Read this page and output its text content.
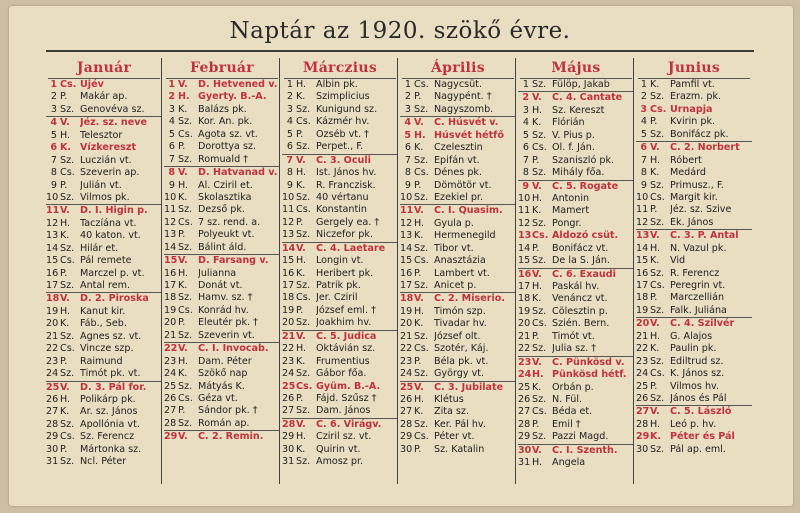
Naptár az 1920. szökő évre.
Január
1 Cs. Újév
2 P.	Makár ap.
3 Sz. Genovéva sz.
4 V.	Jéz. sz. neve
5 H.	Telesztor
6 K. Vízkereszt
7 Sz. Luczián vt.
8 Cs. Szeverin ap.
9 P.	Julián vt.
10 Sz. Vilmos pk.
11 V.	D. I. Higin p.
12 H.	Taczíána vt.
13 K.	40 katon. vt.
14 Sz. Hilár et.
15 Cs. Pál remete
16 P.	Marczel p. vt.
17 Sz. Antal rem.
18 V.	D. 2. Piroska
19 H.	Kanut kir.
20 K.	Fáb., Seb.
21 Sz. Ágnes sz. vt.
22 Cs. Vincze szp.
23 P.	Raimund
24 Sz. Timót pk. vt.
25 V.	D. 3. Pál for.
26 H.	Polikárp pk.
27 K.	Ar. sz. János
28 Sz. Apollónia vt.
29 Cs. Sz. Ferencz
30 P.	Mártonka sz.
31 Sz. Ncl. Péter
Február
1 V.	D. Hetvened v.
2 H. Gyerty. B.-A.
3 K.	Balázs pk.
4 Sz. Kor. An. pk.
5 Cs. Ágota sz. vt.
6 P.	Dorottya sz.
7 Sz. Romuald †
8 V.	D. Hatvanad v.
9 H.	Al. Cziril et.
10 K.	Skolasztika
11 Sz. Dezső pk.
12 Cs. 7 sz. rend. a.
13 P.	Polyeukt vt.
14 Sz. Bálint áld.
15 V.	D. Farsang v.
16 H.	Julianna
17 K.	Donát vt.
18 Sz. Hamv. sz. †
19 Cs. Konrád hv.
20 P.	Eleutér pk. †
21 Sz. Szeverin vt.
22 V.	C. I. Invocab.
23 H.	Dam. Péter
24 K.	Szökő nap
25 Sz. Mátyás K.
26 Cs. Géza vt.
27 P.	Sándor pk. †
28 Sz. Román ap.
29 V.	C. 2. Remin.
Márczius
1 H.	Albin pk.
2 K.	Szimplicius
3 Sz. Kunigund sz.
4 Cs. Kázmér hv.
5 P.	Özséb vt. †
6 Sz. Perpet., F.
7 V.	C. 3. Oculi
8 H.	Ist. János hv.
9 K.	R. Franczisk.
10 Sz. 40 vértanu
11 Cs. Konstantin
12 P.	Gergely ea. †
13 Sz. Niczefor pk.
14 V.	C. 4. Laetare
15 H.	Longin vt.
16 K.	Heribert pk.
17 Sz. Patrik pk.
18 Cs. Jer. Cziril
19 P.	József eml. †
20 Sz. Joakhim hv.
21 V.	C. 5. Judica
22 H.	Oktávián sz.
23 K.	Frumentius
24 Sz. Gábor főa.
25 Cs. Gyüm. B.-A.
26 P.	Fájd. Szűsz †
27 Sz. Dam. János
28 V.	C. 6. Virágv.
29 H.	Cziril sz. vt.
30 K.	Quirin vt.
31 Sz. Amosz pr.
Április
1 Cs. Nagycsüt.
2 P.	Nagypént. †
3 Sz. Nagyszomb.
4 V.	C. Húsvét v.
5 H. Húsvét hétfő
6 K.	Czelesztin
7 Sz. Epifán vt.
8 Cs. Dénes pk.
9 P.	Dömötör vt.
10 Sz. Ezekiel pr.
11 V.	C. I. Quasim.
12 H.	Gyula p.
13 K.	Hermenegild
14 Sz. Tibor vt.
15 Cs. Anasztázia
16 P.	Lambert vt.
17 Sz. Anicet p.
18 V.	C. 2. Miserio.
19 H.	Timón szp.
20 K.	Tivadar hv.
21 Sz. József olt.
22 Cs. Szotér, Káj.
23 P.	Béla pk. vt.
24 Sz. György vt.
25 V.	C. 3. Jubilate
26 H.	Klétus
27 K.	Zita sz.
28 Sz. Ker. Pál hv.
29 Cs. Péter vt.
30 P.	Sz. Katalin
Május
1 Sz. Fülöp, Jakab
2 V.	C. 4. Cantate
3 H.	Sz. Kereszt
4 K.	Flórián
5 Sz. V. Pius p.
6 Cs. Ol. f. Ján.
7 P.	Szaniszló pk.
8 Sz. Mihály főa.
9 V.	C. 5. Rogate
10 H.	Antonin
11 K.	Mamert
12 Sz. Pongr.
13 Cs. Áldozó csüt.
14 P.	Bonifácz vt.
15 Sz. De la S. Ján.
16 V.	C. 6. Exaudi
17 H.	Paskál hv.
18 K.	Venáncz vt.
19 Sz. Cölesztin p.
20 Cs. Szién. Bern.
21 P.	Timót vt.
22 Sz. Julia sz. †
23 V.	C. Pünkösd v.
24 H. Pünkösd hétf.
25 K.	Orbán p.
26 Sz. N. Fül.
27 Cs. Béda et.
28 P.	Emil †
29 Sz. Pazzi Magd.
30 V.	C. I. Szenth.
31 H.	Angela
Junius
1 K.	Pamfil vt.
2 Sz. Erazm. pk.
3 Cs. Úrnapja
4 P.	Kvirin pk.
5 Sz. Bonifácz pk.
6 V.	C. 2. Norbert
7 H.	Róbert
8 K.	Medárd
9 Sz. Primusz., F.
10 Cs. Margit kir.
11 P.	Jéz. sz. Szive
12 Sz. Ék. János
13 V.	C. 3. P. Antal
14 H.	N. Vazul pk.
15 K.	Vid
16 Sz. R. Ferencz
17 Cs. Peregrin vt.
18 P.	Marczellián
19 Sz. Falk. Juliána
20 V.	C. 4. Szilvér
21 H.	G. Alajos
22 K.	Paulin pk.
23 Sz. Ediltrud sz.
24 Cs. K. János sz.
25 P.	Vilmos hv.
26 Sz. János és Pál
27 V.	C. 5. László
28 H.	Leó p. hv.
29 K. Péter és Pál
30 Sz. Pál ap. eml.
